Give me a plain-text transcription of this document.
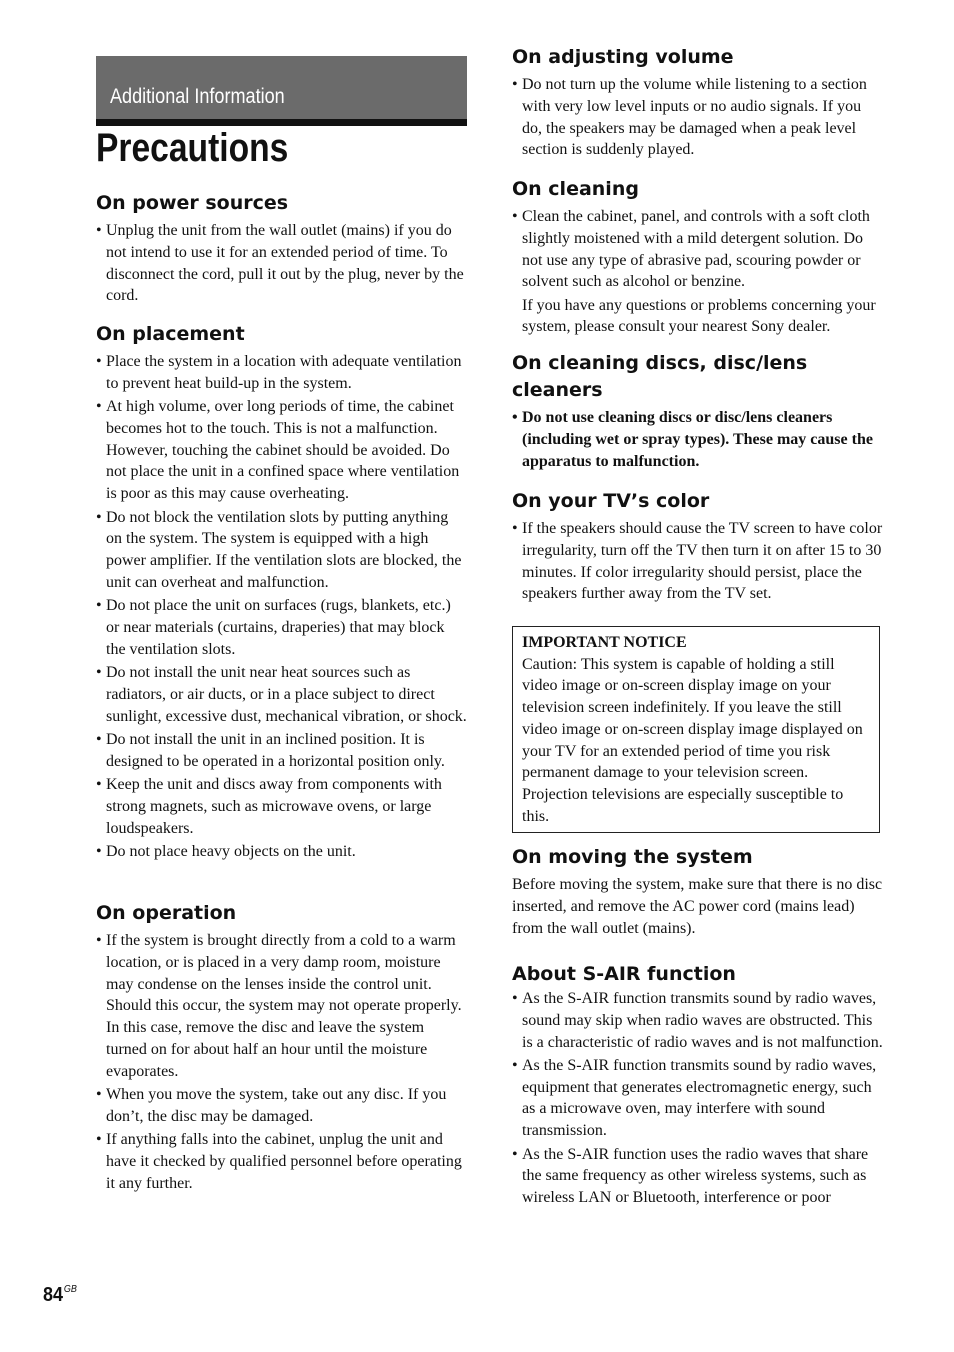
Additional Information
Precautions
On power sources
• Unplug the unit from the wall outlet (mains) if you do not intend to use it for an extended period of time. To disconnect the cord, pull it out by the plug, never by the cord.
On placement
• Place the system in a location with adequate ventilation to prevent heat build-up in the system.
• At high volume, over long periods of time, the cabinet becomes hot to the touch. This is not a malfunction. However, touching the cabinet should be avoided. Do not place the unit in a confined space where ventilation is poor as this may cause overheating.
• Do not block the ventilation slots by putting anything on the system. The system is equipped with a high power amplifier. If the ventilation slots are blocked, the unit can overheat and malfunction.
• Do not place the unit on surfaces (rugs, blankets, etc.) or near materials (curtains, draperies) that may block the ventilation slots.
• Do not install the unit near heat sources such as radiators, or air ducts, or in a place subject to direct sunlight, excessive dust, mechanical vibration, or shock.
• Do not install the unit in an inclined position. It is designed to be operated in a horizontal position only.
• Keep the unit and discs away from components with strong magnets, such as microwave ovens, or large loudspeakers.
• Do not place heavy objects on the unit.
On operation
• If the system is brought directly from a cold to a warm location, or is placed in a very damp room, moisture may condense on the lenses inside the control unit. Should this occur, the system may not operate properly. In this case, remove the disc and leave the system turned on for about half an hour until the moisture evaporates.
• When you move the system, take out any disc. If you don’t, the disc may be damaged.
• If anything falls into the cabinet, unplug the unit and have it checked by qualified personnel before operating it any further.
On adjusting volume
• Do not turn up the volume while listening to a section with very low level inputs or no audio signals. If you do, the speakers may be damaged when a peak level section is suddenly played.
On cleaning
• Clean the cabinet, panel, and controls with a soft cloth slightly moistened with a mild detergent solution. Do not use any type of abrasive pad, scouring powder or solvent such as alcohol or benzine.

If you have any questions or problems concerning your system, please consult your nearest Sony dealer.

On cleaning discs, disc/lens cleaners
• Do not use cleaning discs or disc/lens cleaners (including wet or spray types). These may cause the apparatus to malfunction.
On your TV’s color
• If the speakers should cause the TV screen to have color irregularity, turn off the TV then turn it on after 15 to 30 minutes. If color irregularity should persist, place the speakers further away from the TV set.

IMPORTANT NOTICE

Caution: This system is capable of holding a still video image or on-screen display image on your television screen indefinitely. If you leave the still video image or on-screen display image displayed on your TV for an extended period of time you risk permanent damage to your television screen. Projection televisions are especially susceptible to this.

On moving the system

Before moving the system, make sure that there is no disc inserted, and remove the AC power cord (mains lead) from the wall outlet (mains).

About S-AIR function
• As the S-AIR function transmits sound by radio waves, sound may skip when radio waves are obstructed. This is a characteristic of radio waves and is not malfunction.
• As the S-AIR function transmits sound by radio waves, equipment that generates electromagnetic energy, such as a microwave oven, may interfere with sound transmission.
• As the S-AIR function uses the radio waves that share the same frequency as other wireless systems, such as wireless LAN or Bluetooth, interference or poor
$84^{GB}$
